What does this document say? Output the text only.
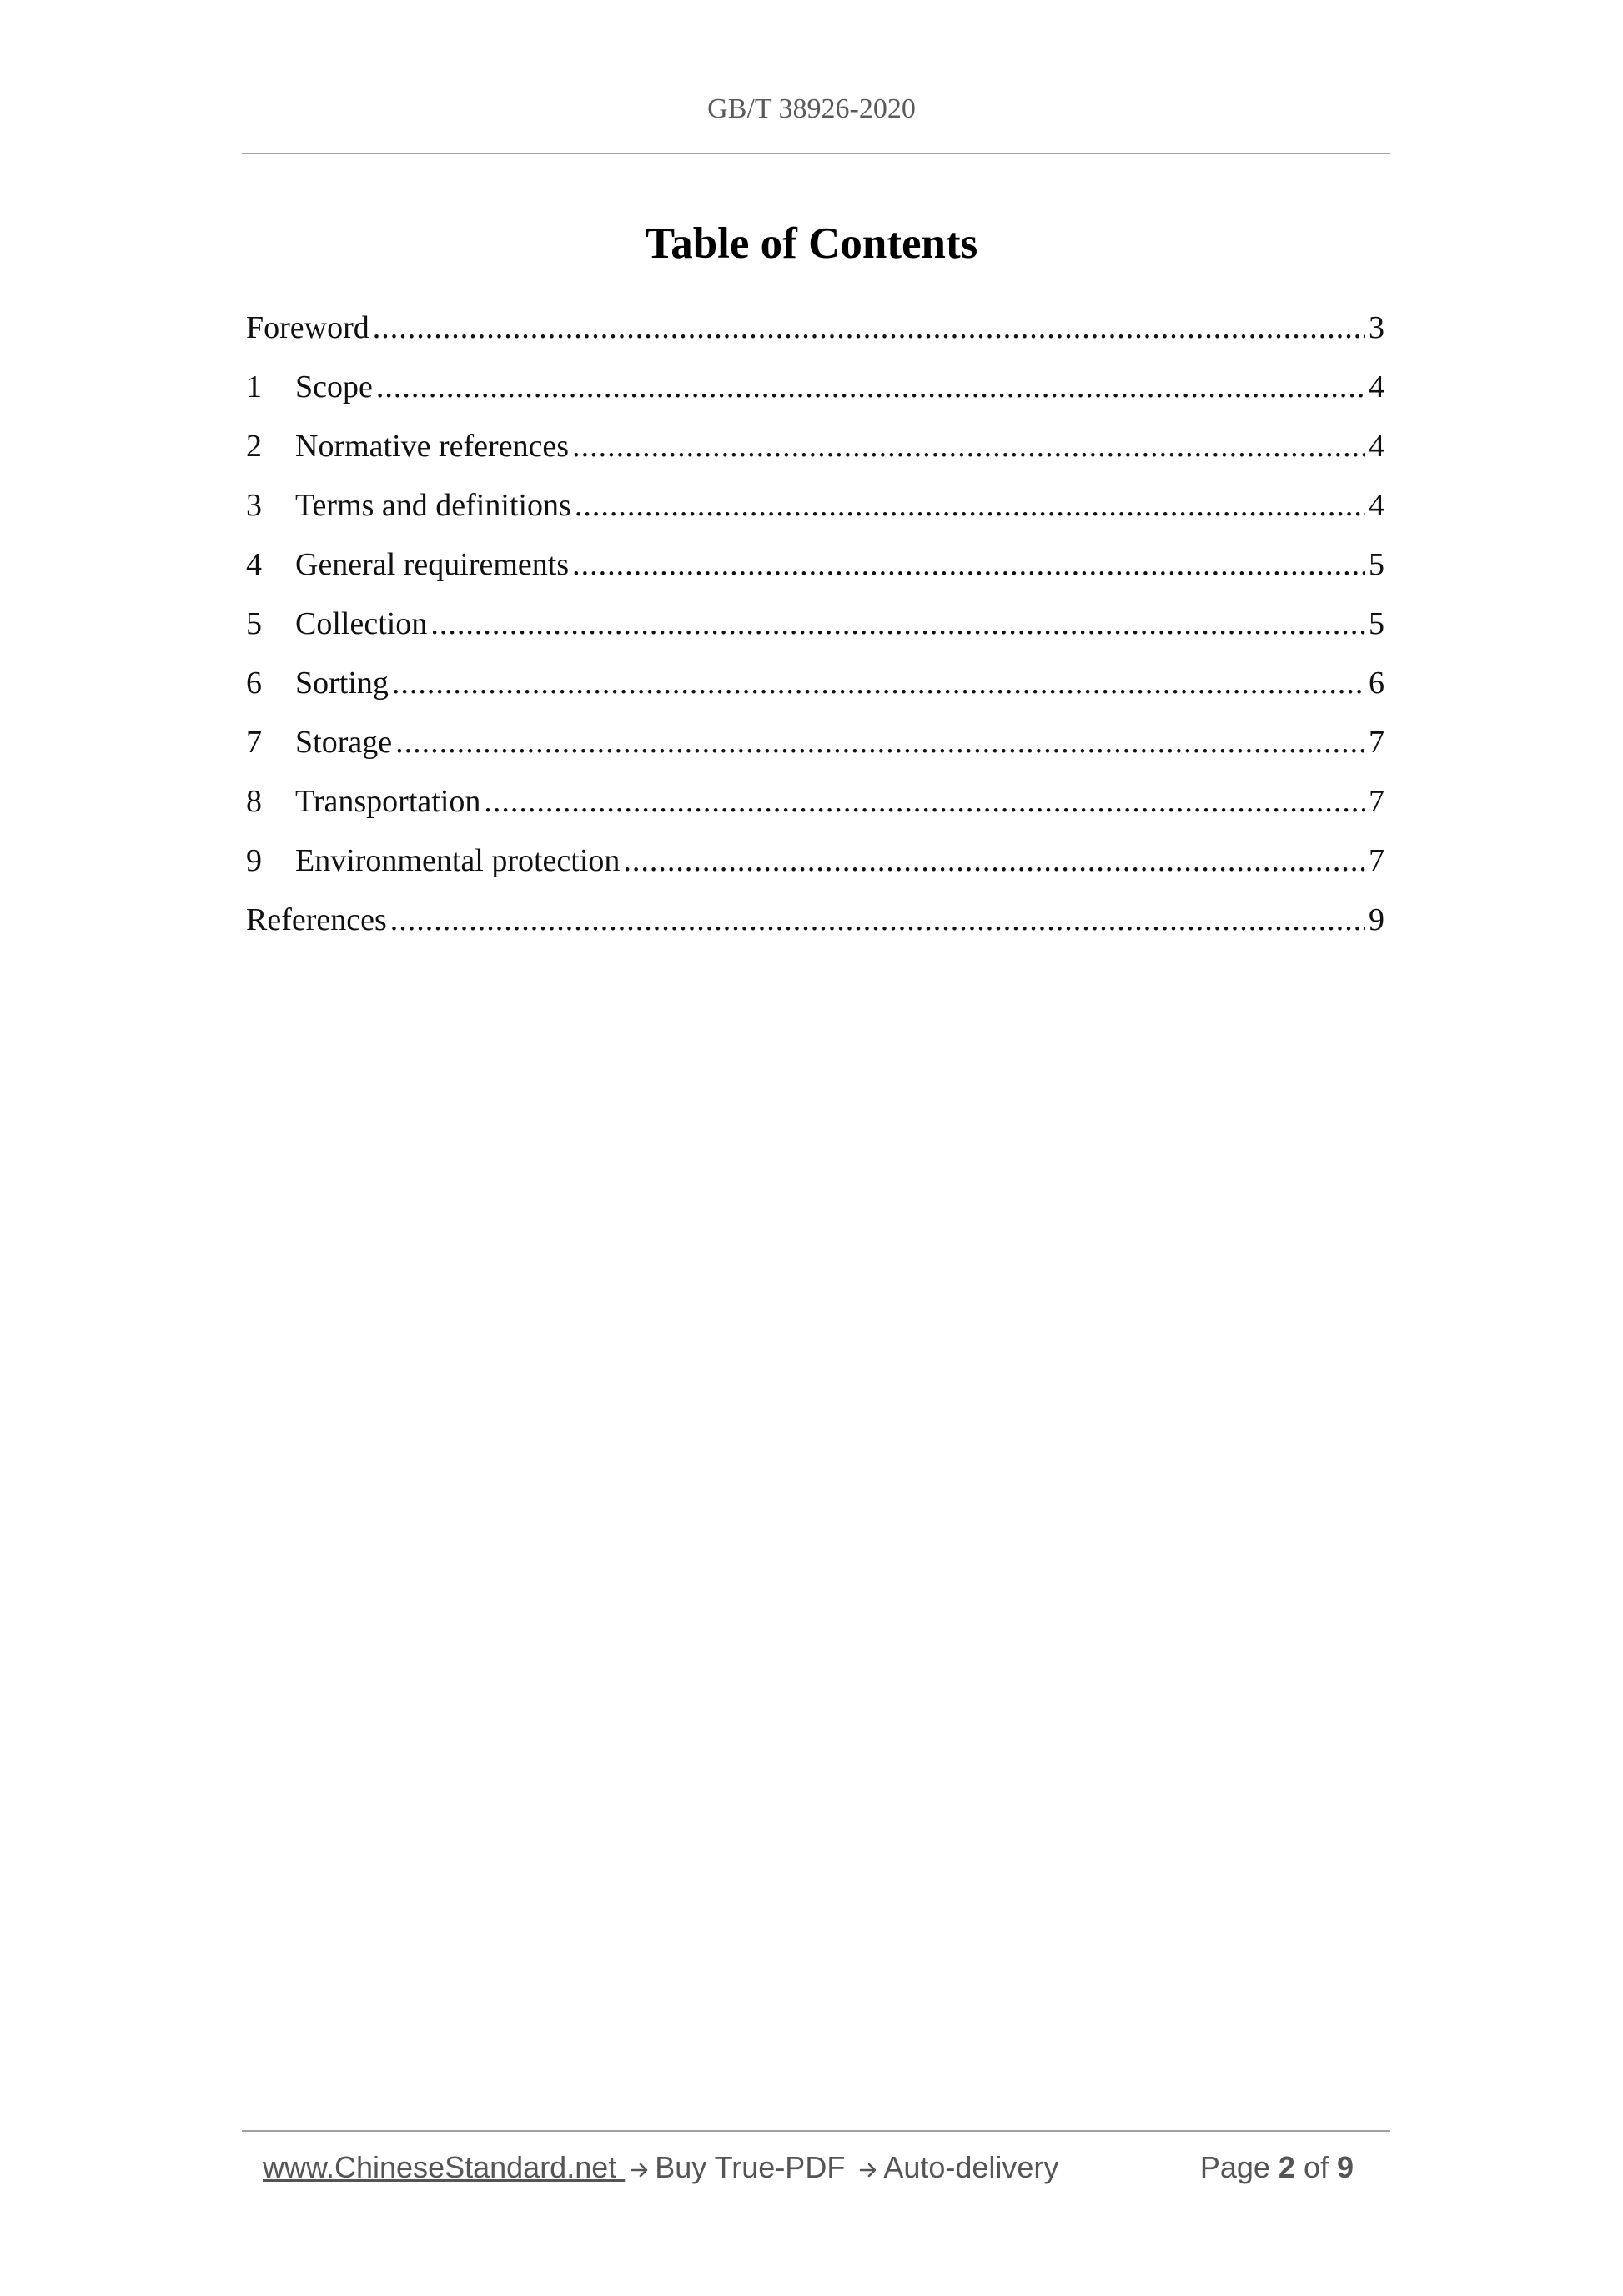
GB/T 38926-2020
Table of Contents
Foreword .....	3
1	Scope .....	4
2	Normative references .....	4
3	Terms and definitions .....	4
4	General requirements .....	5
5	Collection .....	5
6	Sorting .....	6
7	Storage .....	7
8	Transportation .....	7
9	Environmental protection .....	7
References .....	9
www.ChineseStandard.net Buy True-PDF Auto-delivery	Page 2 of 9
